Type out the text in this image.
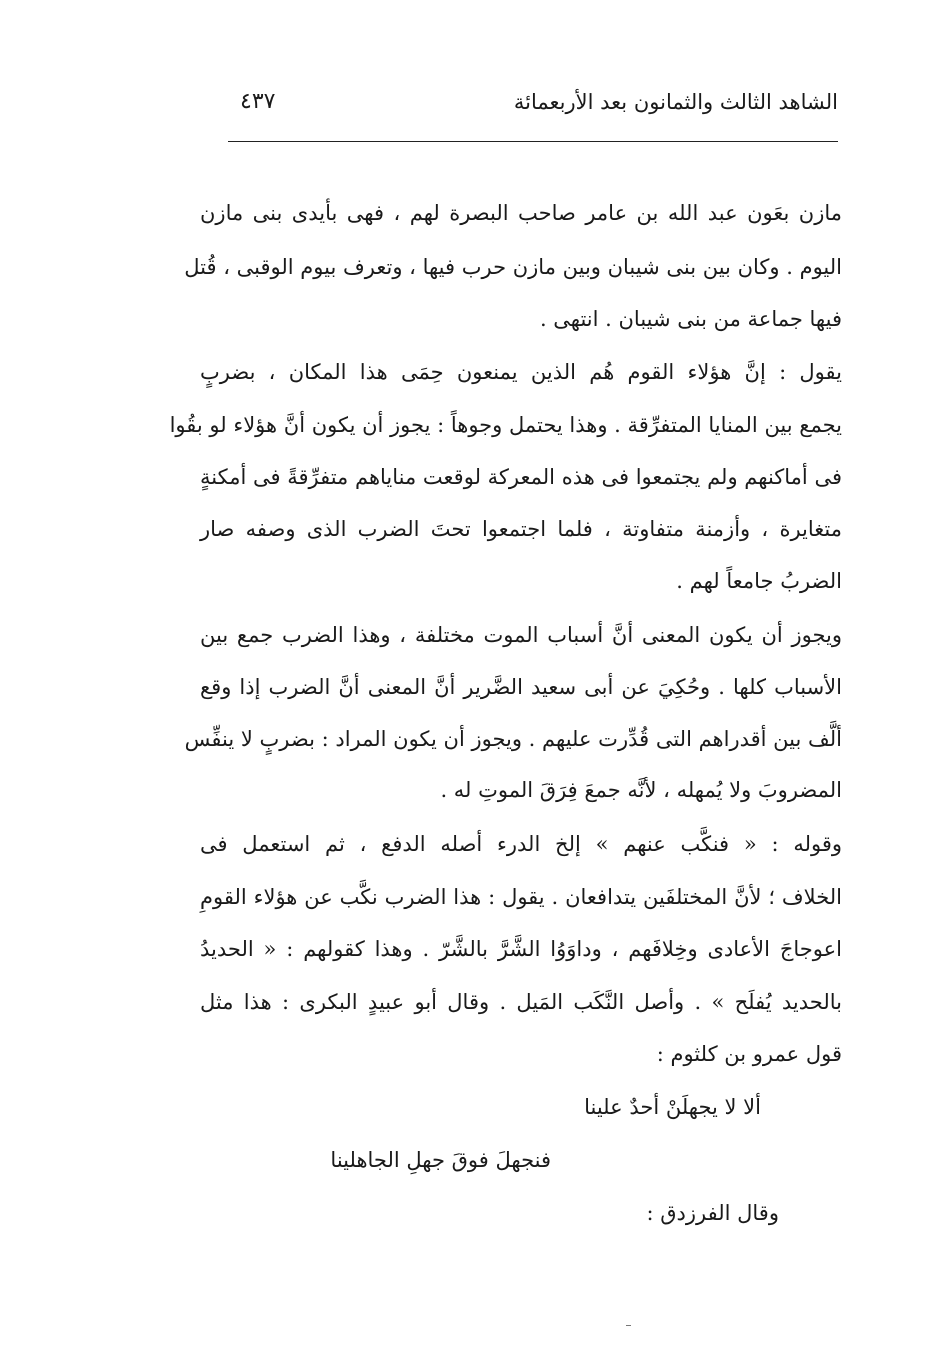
الشاهد الثالث والثمانون بعد الأربعمائة
٤٣٧
مازن بعَون عبد الله بن عامر صاحب البصرة لهم ، فهى بأيدى بنى مازن
اليوم . وكان بين بنى شيبان وبين مازن حرب فيها ، وتعرف بيوم الوقبى ، قُتل
فيها جماعة من بنى شيبان . انتهى .
يقول : إنَّ هؤلاء القوم هُم الذين يمنعون حِمَى هذا المكان ، بضربٍ
يجمع بين المنايا المتفرِّقة . وهذا يحتمل وجوهاً : يجوز أن يكون أنَّ هؤلاء لو بقُوا
فى أماكنهم ولم يجتمعوا فى هذه المعركة لوقعت مناياهم متفرِّقةً فى أمكنةٍ
متغايرة ، وأزمنة متفاوتة ، فلما اجتمعوا تحتَ الضرب الذى وصفه صار
الضربُ جامعاً لهم .
ويجوز أن يكون المعنى أنَّ أسباب الموت مختلفة ، وهذا الضرب جمع بين
الأسباب كلها . وحُكِيَ عن أبى سعيد الضَّرير أنَّ المعنى أنَّ الضرب إذا وقع
ألَّف بين أقدراهم التى قُدِّرت عليهم . ويجوز أن يكون المراد : بضربٍ لا ينفِّس
المضروبَ ولا يُمهله ، لأنَّه جمعَ فِرَقَ الموتِ له .
وقوله : « فنكَّب عنهم » إلخ الدرء أصله الدفع ، ثم استعمل فى
الخلاف ؛ لأنَّ المختلفَين يتدافعان . يقول : هذا الضرب نكَّب عن هؤلاء القومِ
اعوجاجَ الأعادى وخِلافَهم ، وداوَوُا الشَّرَّ بالشَّرّ . وهذا كقولهم : « الحديدُ
بالحديد يُفلَح » . وأصل النَّكَب المَيل . وقال أبو عبيدٍ البكرى : هذا مثل
قول عمرو بن كلثوم :
ألا لا يجهلَنْ أحدٌ علينا
فنجهلَ فوقَ جهلِ الجاهلينا
وقال الفرزدق :
